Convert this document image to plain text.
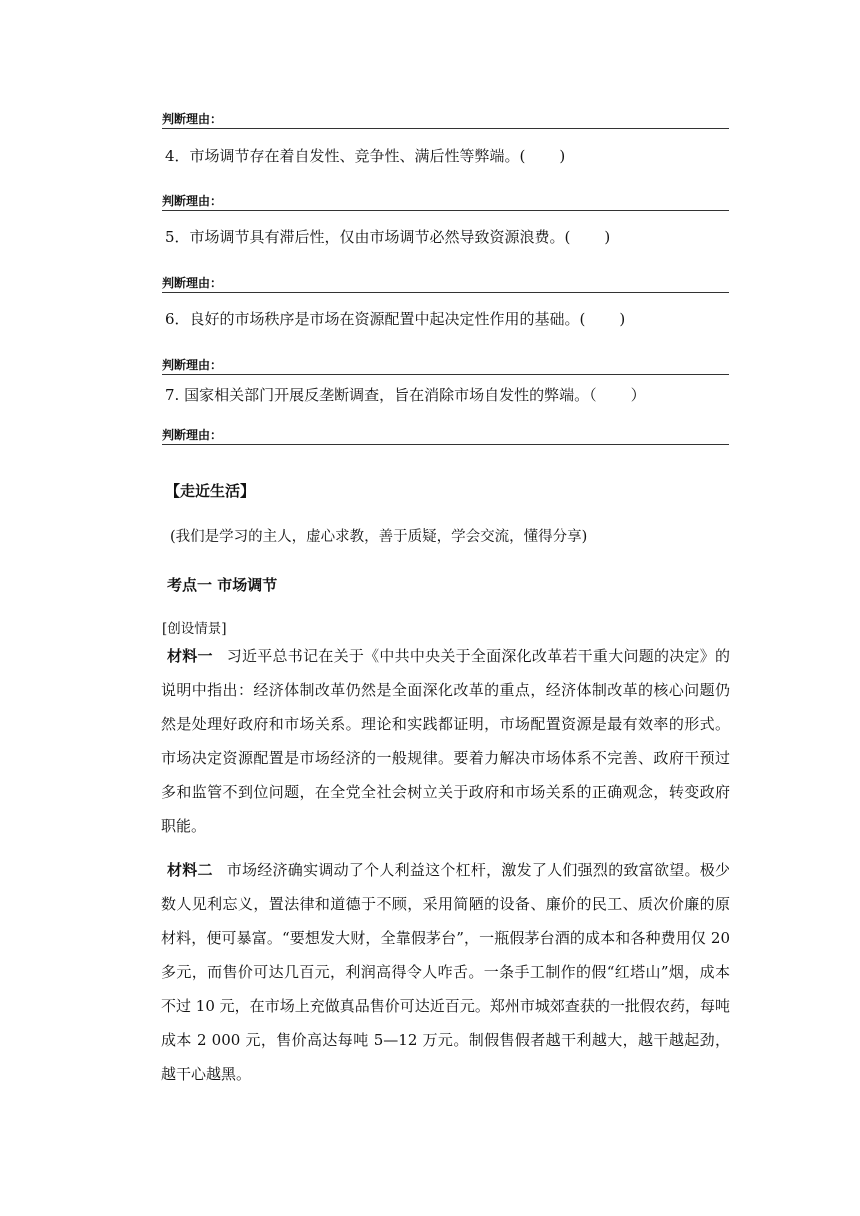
判断理由：
4．市场调节存在着自发性、竞争性、满后性等弊端。( )
判断理由：
5．市场调节具有滞后性，仅由市场调节必然导致资源浪费。( )
判断理由：
6．良好的市场秩序是市场在资源配置中起决定性作用的基础。( )
判断理由：
7. 国家相关部门开展反垄断调查，旨在消除市场自发性的弊端。（ ）
判断理由：
【走近生活】
(我们是学习的主人，虚心求教，善于质疑，学会交流，懂得分享)
考点一 市场调节
[创设情景]
材料一 习近平总书记在关于《中共中央关于全面深化改革若干重大问题的决定》的说明中指出：经济体制改革仍然是全面深化改革的重点，经济体制改革的核心问题仍然是处理好政府和市场关系。理论和实践都证明，市场配置资源是最有效率的形式。市场决定资源配置是市场经济的一般规律。要着力解决市场体系不完善、政府干预过多和监管不到位问题，在全党全社会树立关于政府和市场关系的正确观念，转变政府职能。
材料二 市场经济确实调动了个人利益这个杠杆，激发了人们强烈的致富欲望。极少数人见利忘义，置法律和道德于不顾，采用简陋的设备、廉价的民工、质次价廉的原材料，便可暴富。“要想发大财，全靠假茅台”，一瓶假茅台酒的成本和各种费用仅 20 多元，而售价可达几百元，利润高得令人咋舌。一条手工制作的假“红塔山”烟，成本不过 10 元，在市场上充做真品售价可达近百元。郑州市城郊查获的一批假农药，每吨成本 2 000 元，售价高达每吨 5—12 万元。制假售假者越干利越大，越干越起劲，越干心越黑。
